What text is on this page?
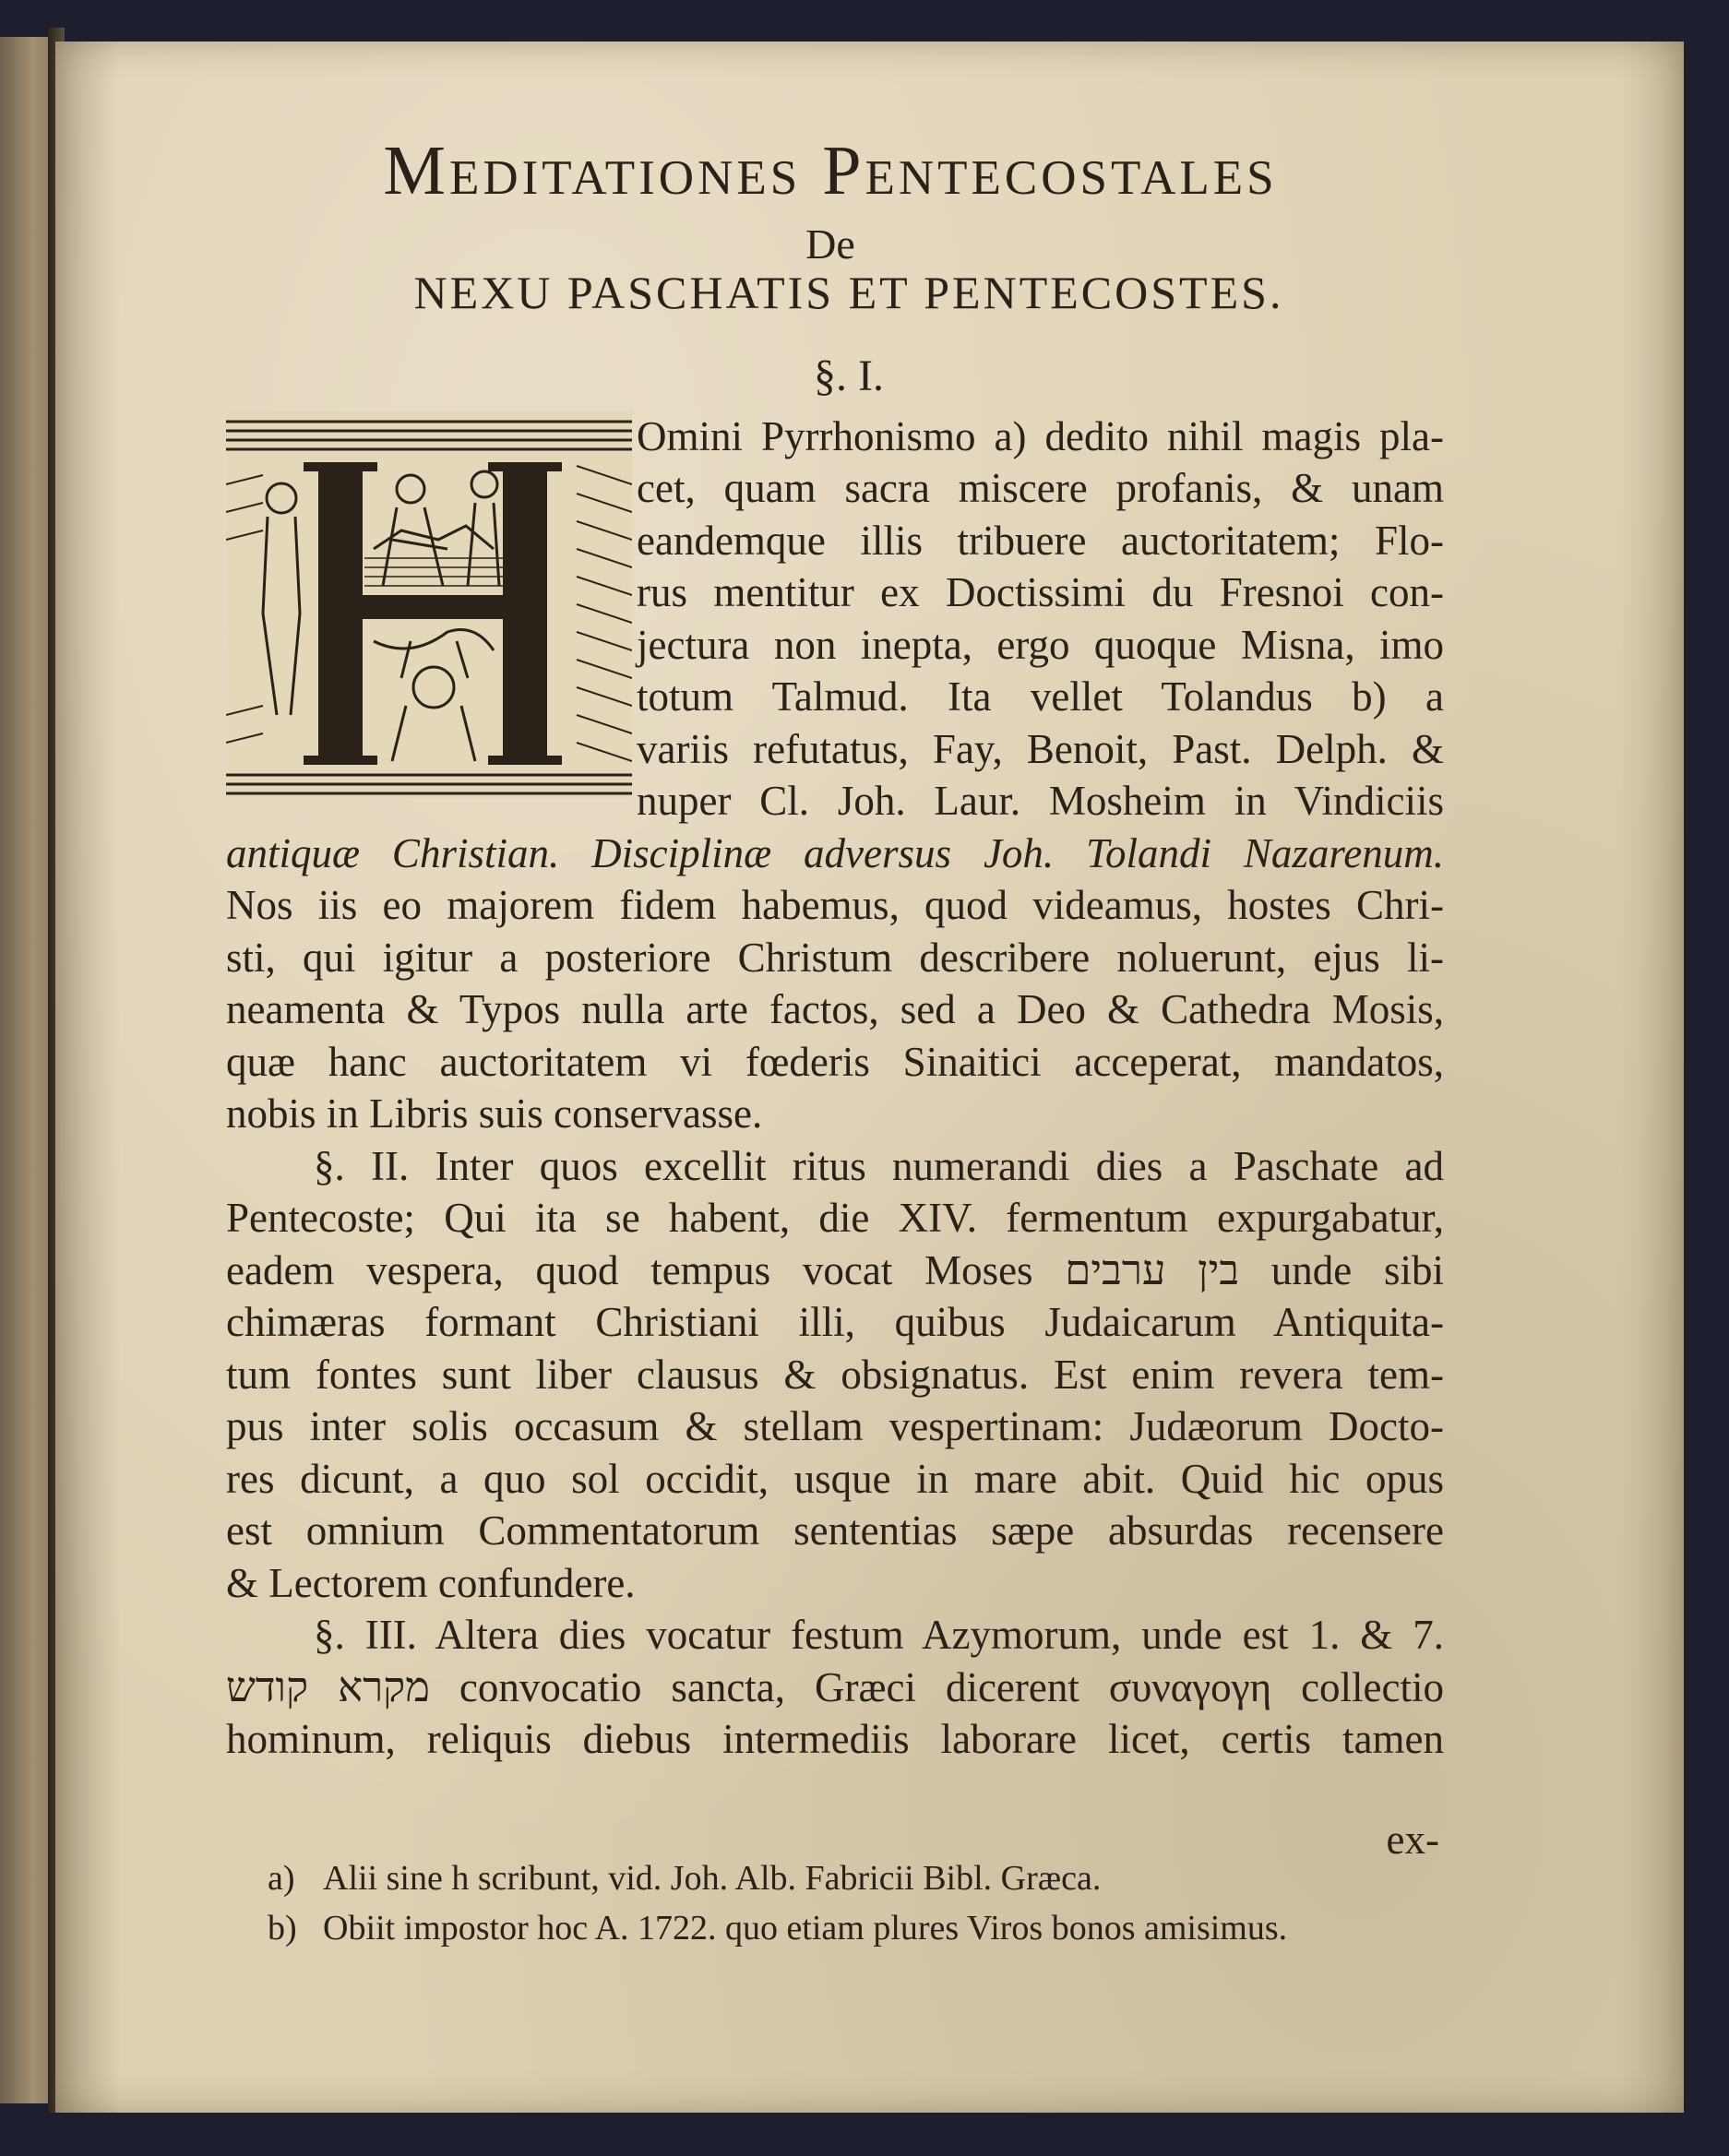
Meditationes Pentecostales
De
NEXU PASCHATIS ET PENTECOSTES.
§. I.
Omini Pyrrhonismo a) dedito nihil magis pla-
cet, quam sacra miscere profanis, & unam
eandemque illis tribuere auctoritatem; Flo-
rus mentitur ex Doctissimi du Fresnoi con-
jectura non inepta, ergo quoque Misna, imo
totum Talmud. Ita vellet Tolandus b) a
variis refutatus, Fay, Benoit, Past. Delph. &
nuper Cl. Joh. Laur. Mosheim in Vindiciis
antiquæ Christian. Disciplinæ adversus Joh. Tolandi Nazarenum.
Nos iis eo majorem fidem habemus, quod videamus, hostes Chri-
sti, qui igitur a posteriore Christum describere noluerunt, ejus li-
neamenta & Typos nulla arte factos, sed a Deo & Cathedra Mosis,
quæ hanc auctoritatem vi fœderis Sinaitici acceperat, mandatos,
nobis in Libris suis conservasse.
§. II. Inter quos excellit ritus numerandi dies a Paschate ad
Pentecoste; Qui ita se habent, die XIV. fermentum expurgabatur,
eadem vespera, quod tempus vocat Moses בין ערבים unde sibi
chimæras formant Christiani illi, quibus Judaicarum Antiquita-
tum fontes sunt liber clausus & obsignatus. Est enim revera tem-
pus inter solis occasum & stellam vespertinam: Judæorum Docto-
res dicunt, a quo sol occidit, usque in mare abit. Quid hic opus
est omnium Commentatorum sententias sæpe absurdas recensere
& Lectorem confundere.
§. III. Altera dies vocatur festum Azymorum, unde est 1. & 7.
מקרא קודש convocatio sancta, Græci dicerent συναγογη collectio
hominum, reliquis diebus intermediis laborare licet, certis tamen
ex-
a) Alii sine h scribunt, vid. Joh. Alb. Fabricii Bibl. Græca.
b) Obiit impostor hoc A. 1722. quo etiam plures Viros bonos amisimus.
